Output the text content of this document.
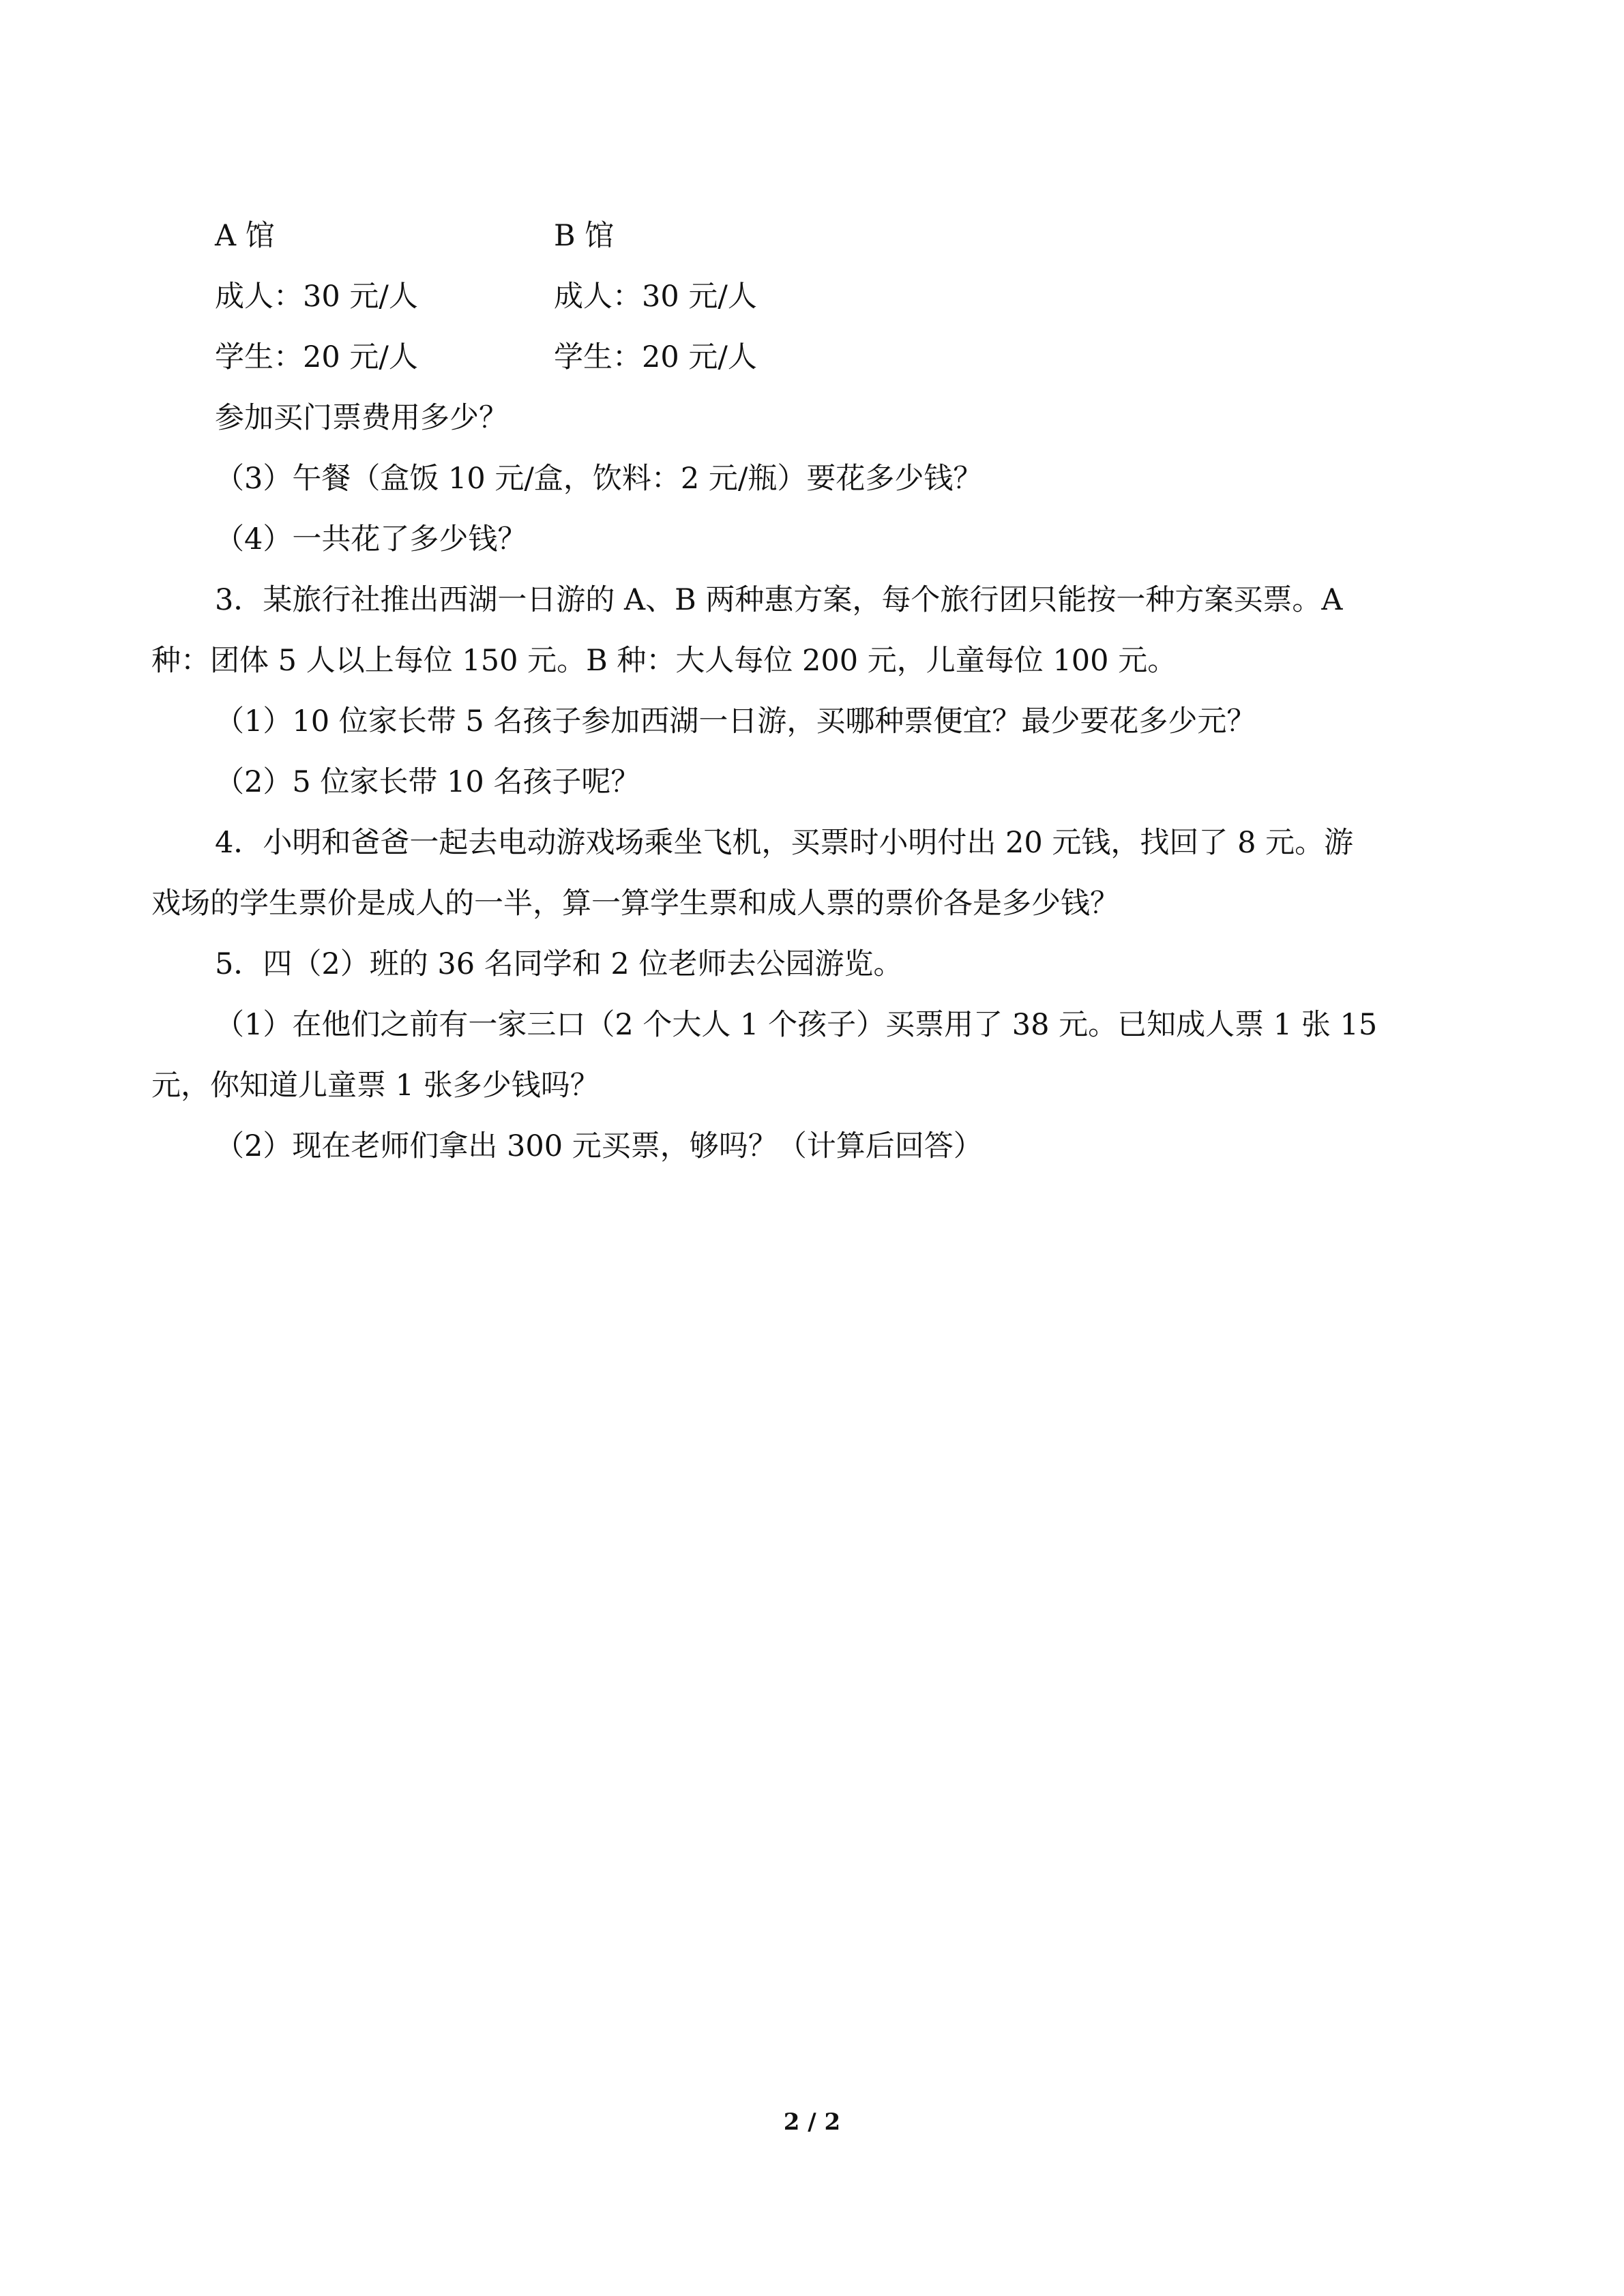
A 馆	B 馆
成人：30 元/人	成人：30 元/人
学生：20 元/人	学生：20 元/人
参加买门票费用多少？
（3）午餐（盒饭 10 元/盒，饮料：2 元/瓶）要花多少钱？
（4）一共花了多少钱？
3．某旅行社推出西湖一日游的 A、B 两种惠方案，每个旅行团只能按一种方案买票。A
种：团体 5 人以上每位 150 元。B 种：大人每位 200 元，儿童每位 100 元。
（1）10 位家长带 5 名孩子参加西湖一日游，买哪种票便宜？最少要花多少元？
（2）5 位家长带 10 名孩子呢？
4．小明和爸爸一起去电动游戏场乘坐飞机，买票时小明付出 20 元钱，找回了 8 元。游
戏场的学生票价是成人的一半，算一算学生票和成人票的票价各是多少钱？
5．四（2）班的 36 名同学和 2 位老师去公园游览。
（1）在他们之前有一家三口（2 个大人 1 个孩子）买票用了 38 元。已知成人票 1 张 15
元，你知道儿童票 1 张多少钱吗？
（2）现在老师们拿出 300 元买票，够吗？（计算后回答）
2 / 2
